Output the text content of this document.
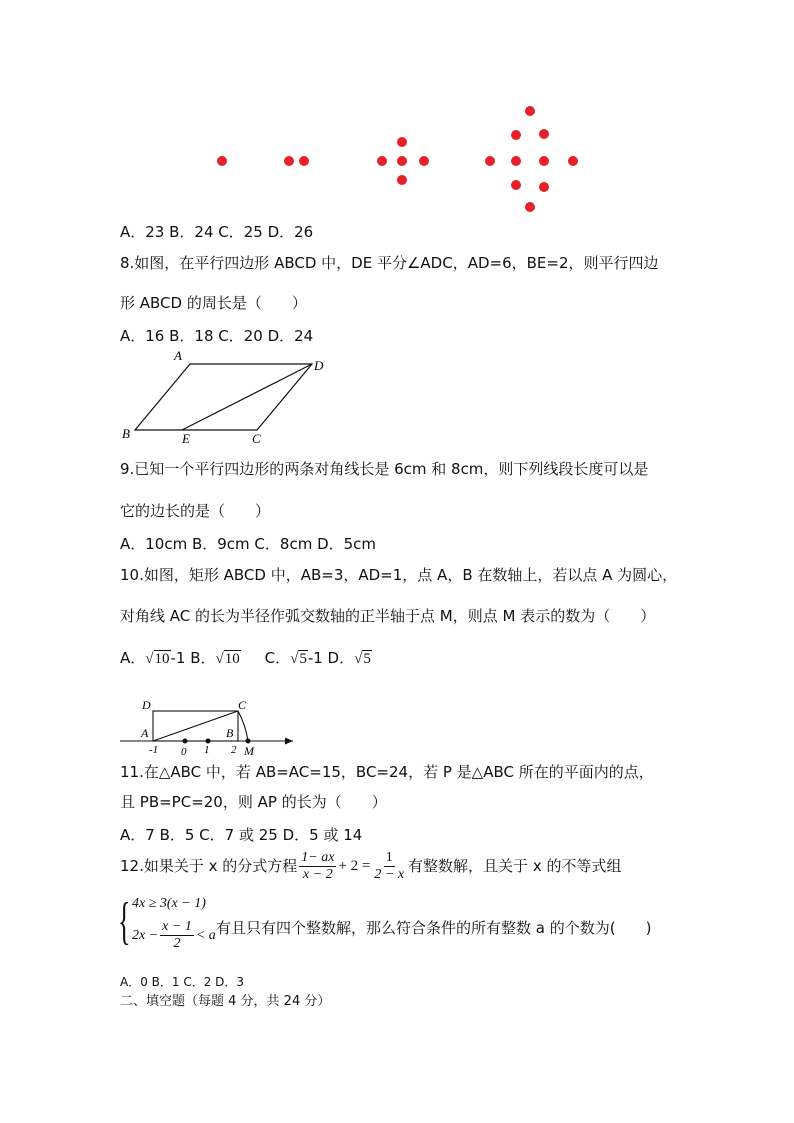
A．23 B．24 C．25 D．26
8.如图，在平行四边形 ABCD 中，DE 平分∠ADC，AD=6，BE=2，则平行四边
形 ABCD 的周长是（　　）
A．16 B．18 C．20 D．24
A
D
B	E	C
9.已知一个平行四边形的两条对角线长是 6cm 和 8cm，则下列线段长度可以是
它的边长的是（　　）
A．10cm B．9cm C．8cm D．5cm
10.如图，矩形 ABCD 中，AB=3，AD=1，点 A，B 在数轴上，若以点 A 为圆心，
对角线 AC 的长为半径作弧交数轴的正半轴于点 M，则点 M 表示的数为（　　）
A．√10-1 B．√10 C．√5-1 D．√5
D	C
A	B
M
-1 0 1 2
11.在△ABC 中，若 AB=AC=15，BC=24，若 P 是△ABC 所在的平面内的点，
且 PB=PC=20，则 AP 的长为（　　）
A．7 B．5 C．7 或 25 D．5 或 14
12.如果关于 x 的分式方程 $\frac{1- ax}{x - 2} + 2 = \frac{1}{2 - x}$ 有整数解，且关于 x 的不等式组
{ 4x ≥ 3(x − 1)
$2x - \frac{x - 1}{2} < a$ 有且只有四个整数解，那么符合条件的所有整数 a 的个数为(　　)
A．0 B．1 C．2 D．3
二、填空题（每题 4 分，共 24 分）
